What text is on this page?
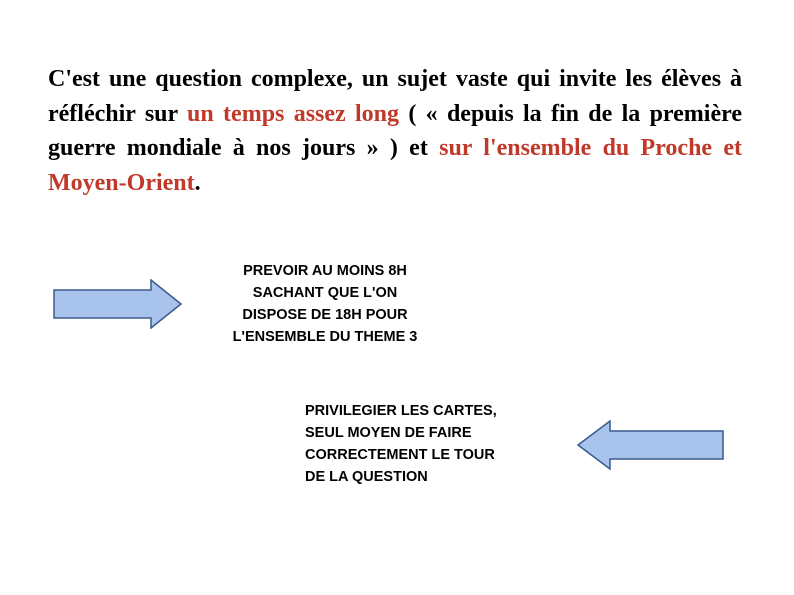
C'est une question complexe, un sujet vaste qui invite les élèves à réfléchir sur un temps assez long ( « depuis la fin de la première guerre mondiale à nos jours » ) et sur l'ensemble du Proche et Moyen-Orient.

PREVOIR AU MOINS 8H
SACHANT QUE L'ON
DISPOSE DE 18H POUR
L'ENSEMBLE DU THEME 3
PRIVILEGIER LES CARTES,
SEUL MOYEN DE FAIRE
CORRECTEMENT LE TOUR
DE LA QUESTION
